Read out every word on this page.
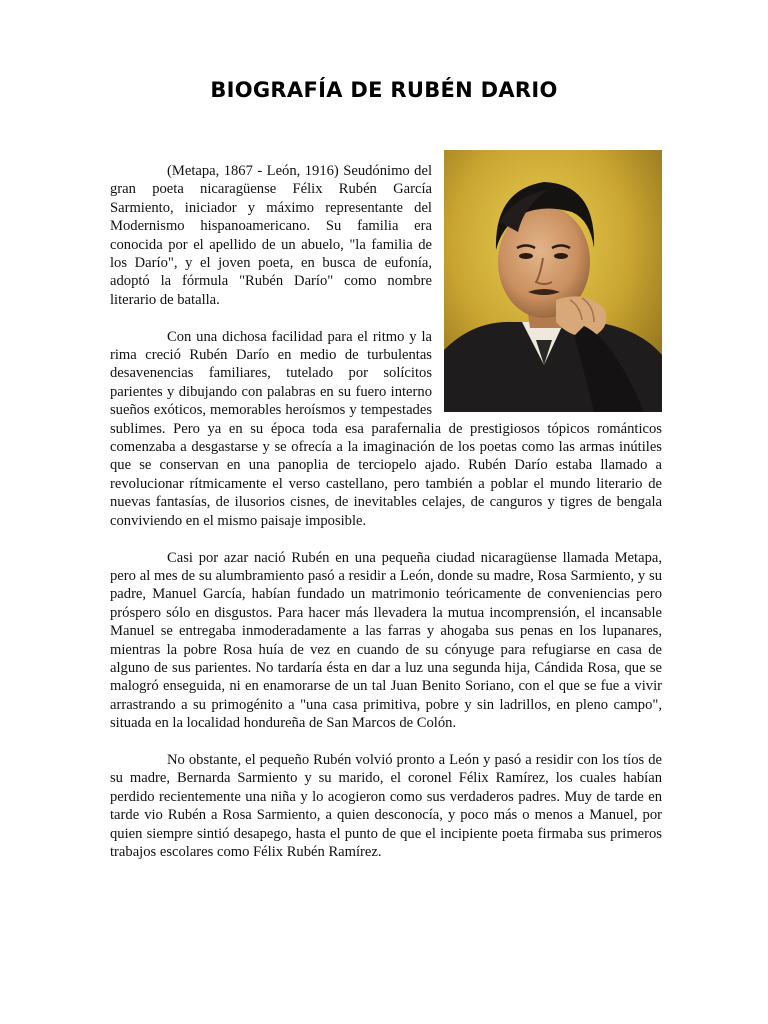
BIOGRAFÍA DE RUBÉN DARIO

(Metapa, 1867 - León, 1916) Seudónimo del gran poeta nicaragüense Félix Rubén García Sarmiento, iniciador y máximo representante del Modernismo hispanoamericano. Su familia era conocida por el apellido de un abuelo, "la familia de los Darío", y el joven poeta, en busca de eufonía, adoptó la fórmula "Rubén Darío" como nombre literario de batalla.

Con una dichosa facilidad para el ritmo y la rima creció Rubén Darío en medio de turbulentas desavenencias familiares, tutelado por solícitos parientes y dibujando con palabras en su fuero interno sueños exóticos, memorables heroísmos y tempestades sublimes. Pero ya en su época toda esa parafernalia de prestigiosos tópicos románticos comenzaba a desgastarse y se ofrecía a la imaginación de los poetas como las armas inútiles que se conservan en una panoplia de terciopelo ajado. Rubén Darío estaba llamado a revolucionar rítmicamente el verso castellano, pero también a poblar el mundo literario de nuevas fantasías, de ilusorios cisnes, de inevitables celajes, de canguros y tigres de bengala conviviendo en el mismo paisaje imposible.

Casi por azar nació Rubén en una pequeña ciudad nicaragüense llamada Metapa, pero al mes de su alumbramiento pasó a residir a León, donde su madre, Rosa Sarmiento, y su padre, Manuel García, habían fundado un matrimonio teóricamente de conveniencias pero próspero sólo en disgustos. Para hacer más llevadera la mutua incomprensión, el incansable Manuel se entregaba inmoderadamente a las farras y ahogaba sus penas en los lupanares, mientras la pobre Rosa huía de vez en cuando de su cónyuge para refugiarse en casa de alguno de sus parientes. No tardaría ésta en dar a luz una segunda hija, Cándida Rosa, que se malogró enseguida, ni en enamorarse de un tal Juan Benito Soriano, con el que se fue a vivir arrastrando a su primogénito a "una casa primitiva, pobre y sin ladrillos, en pleno campo", situada en la localidad hondureña de San Marcos de Colón.

No obstante, el pequeño Rubén volvió pronto a León y pasó a residir con los tíos de su madre, Bernarda Sarmiento y su marido, el coronel Félix Ramírez, los cuales habían perdido recientemente una niña y lo acogieron como sus verdaderos padres. Muy de tarde en tarde vio Rubén a Rosa Sarmiento, a quien desconocía, y poco más o menos a Manuel, por quien siempre sintió desapego, hasta el punto de que el incipiente poeta firmaba sus primeros trabajos escolares como Félix Rubén Ramírez.
